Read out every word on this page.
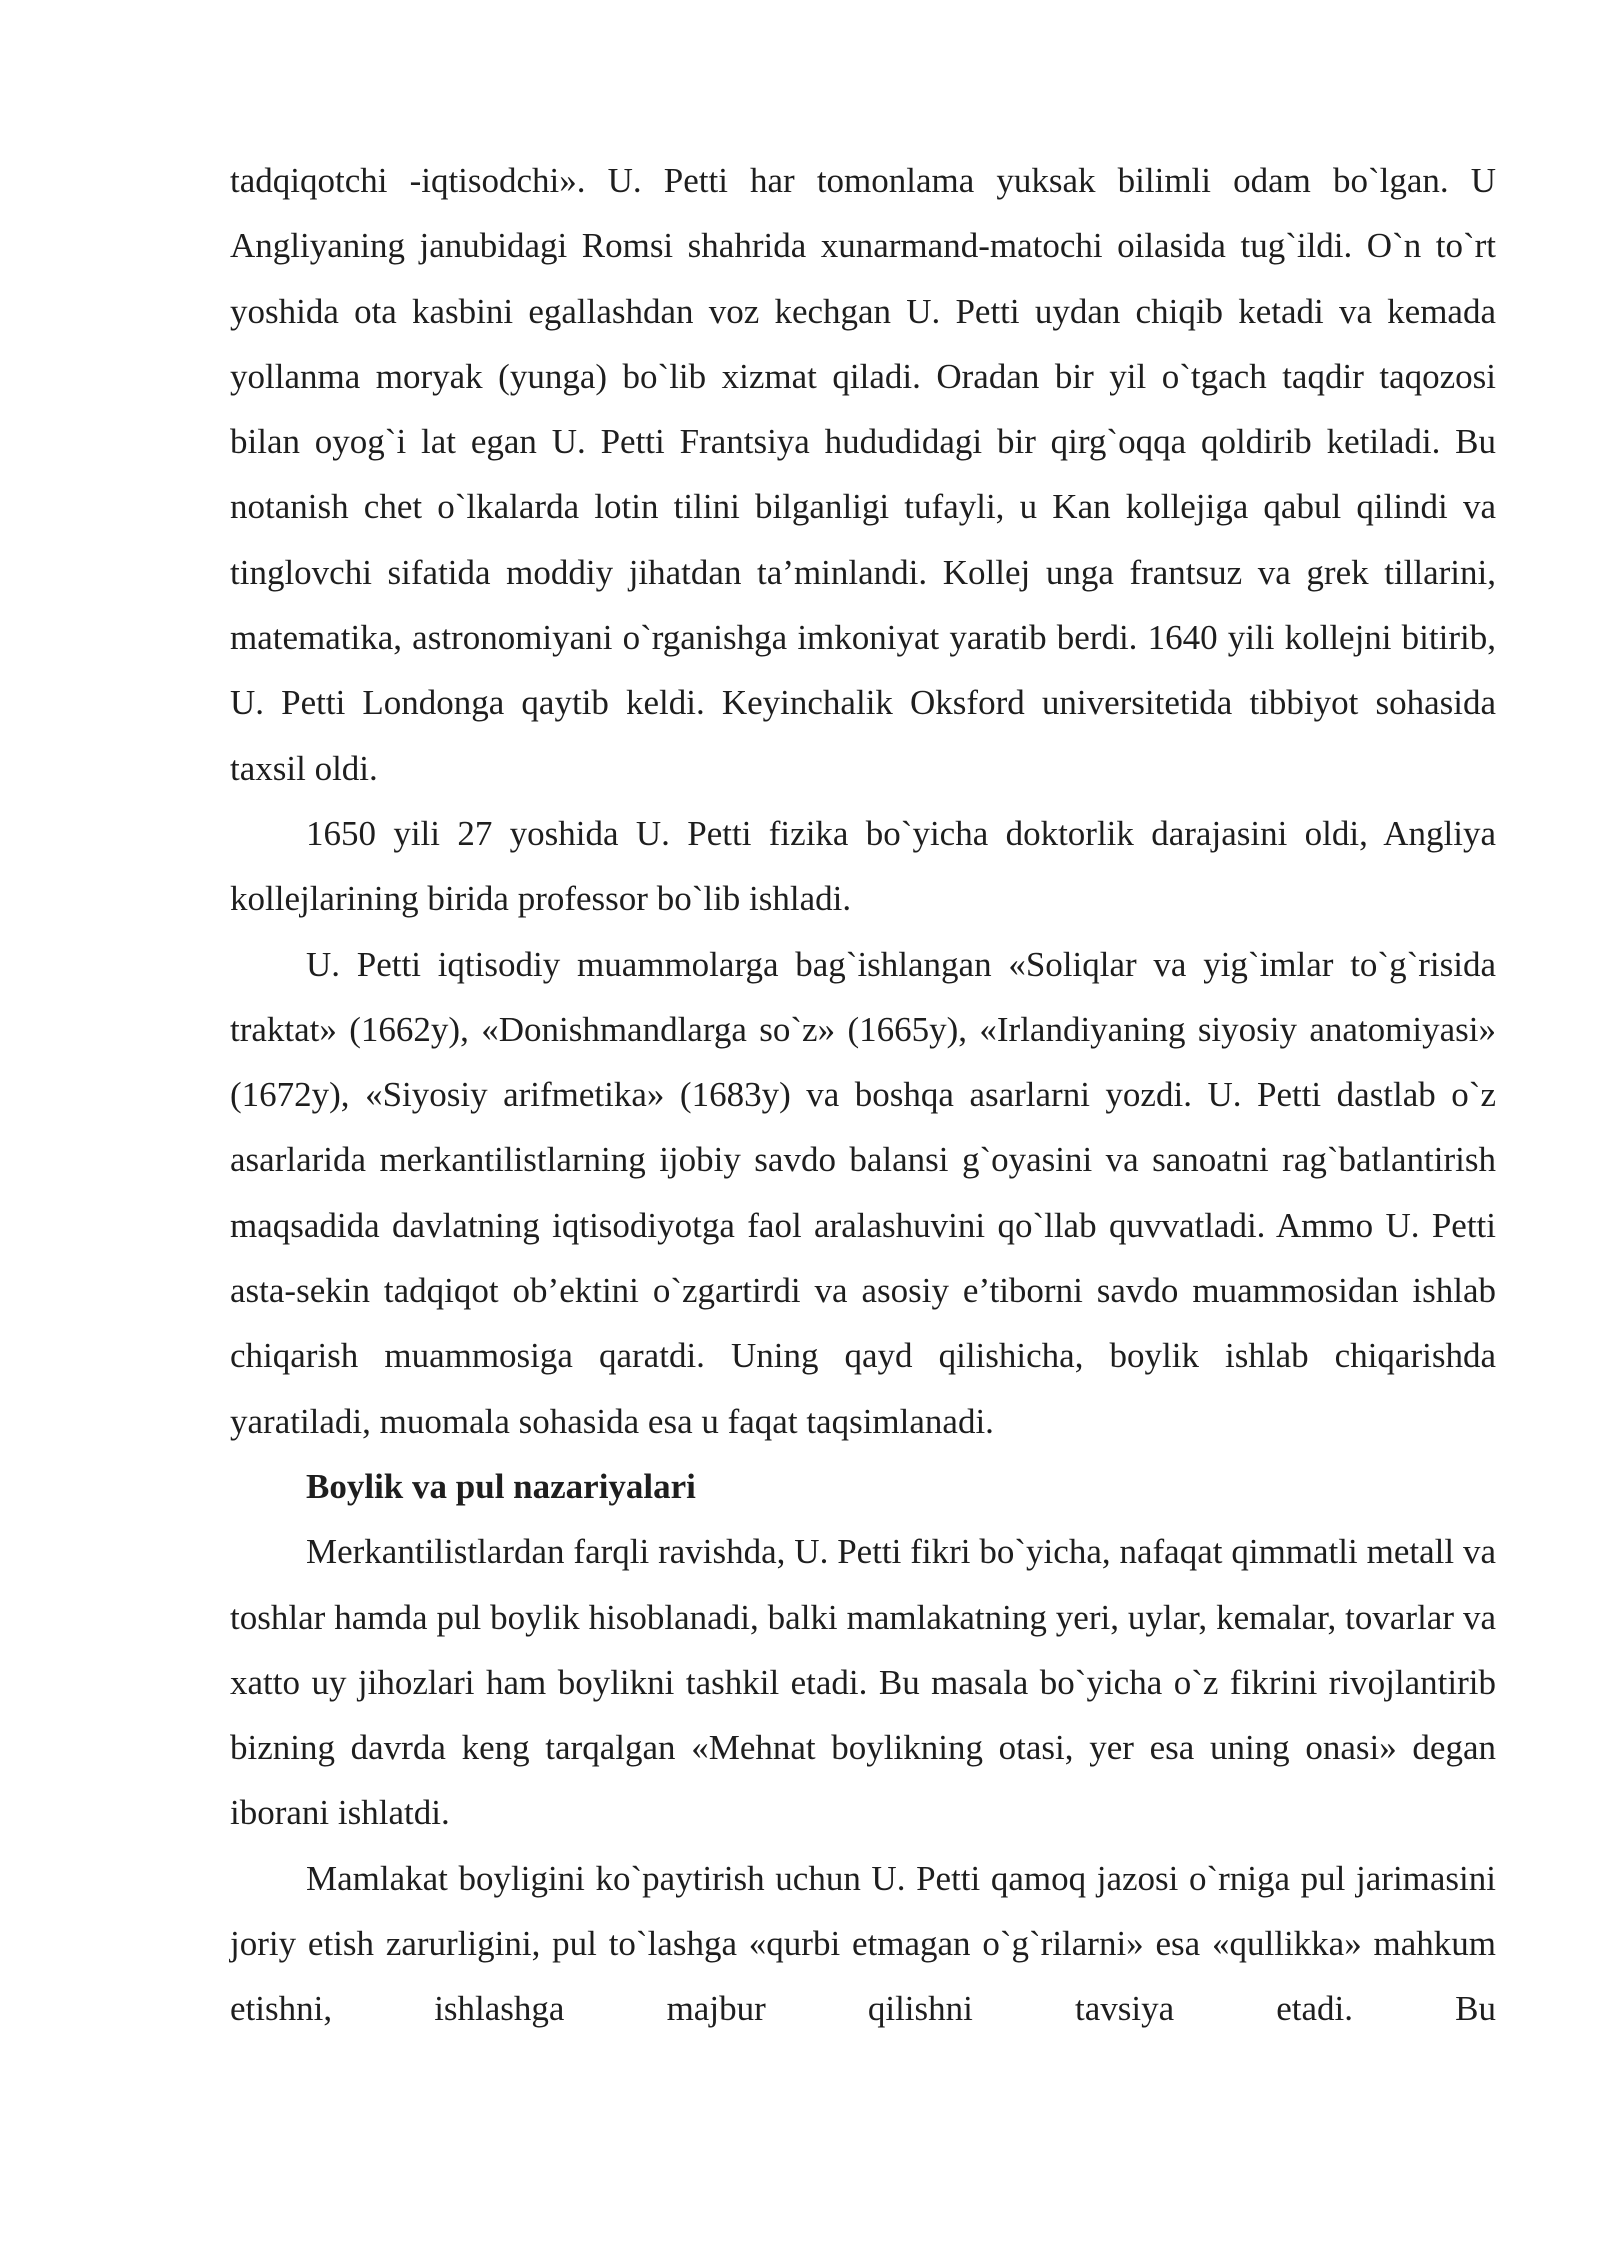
tadqiqotchi -iqtisodchi». U. Petti har tomonlama yuksak bilimli odam bo`lgan. U Angliyaning janubidagi Romsi shahrida xunarmand-matochi oilasida tug`ildi. O`n to`rt yoshida ota kasbini egallashdan voz kechgan U. Petti uydan chiqib ketadi va kemada yollanma moryak (yunga) bo`lib xizmat qiladi. Oradan bir yil o`tgach taqdir taqozosi bilan oyog`i lat egan U. Petti Frantsiya hududidagi bir qirg`oqqa qoldirib ketiladi. Bu notanish chet o`lkalarda lotin tilini bilganligi tufayli, u Kan kollejiga qabul qilindi va tinglovchi sifatida moddiy jihatdan ta’minlandi. Kollej unga frantsuz va grek tillarini, matematika, astronomiyani o`rganishga imkoniyat yaratib berdi. 1640 yili kollejni bitirib, U. Petti Londonga qaytib keldi. Keyinchalik Oksford universitetida tibbiyot sohasida taxsil oldi.

1650 yili 27 yoshida U. Petti fizika bo`yicha doktorlik darajasini oldi, Angliya kollejlarining birida professor bo`lib ishladi.

U. Petti iqtisodiy muammolarga bag`ishlangan «Soliqlar va yig`imlar to`g`risida traktat» (1662y), «Donishmandlarga so`z» (1665y), «Irlandiyaning siyosiy anatomiyasi» (1672y), «Siyosiy arifmetika» (1683y) va boshqa asarlarni yozdi. U. Petti dastlab o`z asarlarida merkantilistlarning ijobiy savdo balansi g`oyasini va sanoatni rag`batlantirish maqsadida davlatning iqtisodiyotga faol aralashuvini qo`llab quvvatladi. Ammo U. Petti asta-sekin tadqiqot ob’ektini o`zgartirdi va asosiy e’tiborni savdo muammosidan ishlab chiqarish muammosiga qaratdi. Uning qayd qilishicha, boylik ishlab chiqarishda yaratiladi, muomala sohasida esa u faqat taqsimlanadi.

Boylik va pul nazariyalari

Merkantilistlardan farqli ravishda, U. Petti fikri bo`yicha, nafaqat qimmatli metall va toshlar hamda pul boylik hisoblanadi, balki mamlakatning yeri, uylar, kemalar, tovarlar va xatto uy jihozlari ham boylikni tashkil etadi. Bu masala bo`yicha o`z fikrini rivojlantirib bizning davrda keng tarqalgan «Mehnat boylikning otasi, yer esa uning onasi» degan iborani ishlatdi.

Mamlakat boyligini ko`paytirish uchun U. Petti qamoq jazosi o`rniga pul jarimasini joriy etish zarurligini, pul to`lashga «qurbi etmagan o`g`rilarni» esa «qullikka» mahkum etishni, ishlashga majbur qilishni tavsiya etadi. Bu
